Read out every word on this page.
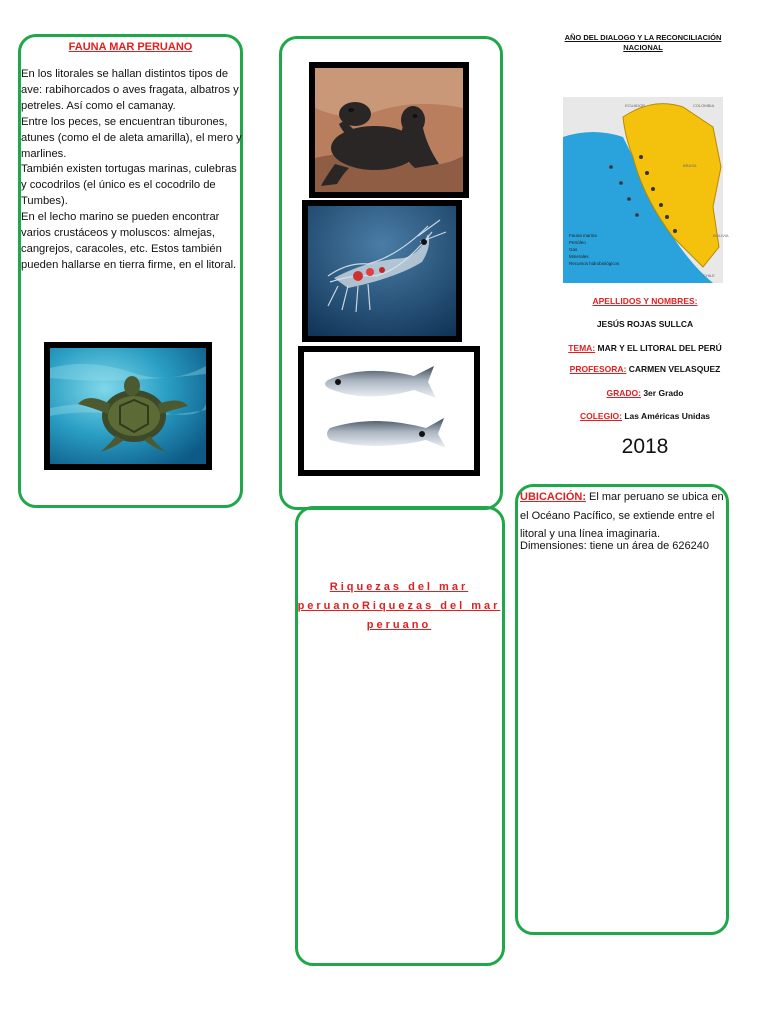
FAUNA MAR PERUANO

En los litorales se hallan distintos tipos de ave: rabihorcados o aves fragata, albatros y petreles. Así como el camanay.

Entre los peces, se encuentran tiburones, atunes (como el de aleta amarilla), el mero y marlines.

También existen tortugas marinas, culebras y cocodrilos (el único es el cocodrilo de Tumbes).

En el lecho marino se pueden encontrar varios crustáceos y moluscos: almejas, cangrejos, caracoles, etc. Estos también pueden hallarse en tierra firme, en el litoral.

AÑO DEL DIALOGO Y LA RECONCILIACIÓN NACIONAL
ECUADOR	COLOMBIA
BRASIL
BOLIVIA
CHILE
Fauna marina
Petróleo
Gas
Minerales
Recursos hidrobiológicos
APELLIDOS Y NOMBRES:
JESÚS ROJAS SULLCA
TEMA: MAR Y EL LITORAL DEL PERÚ
PROFESORA: CARMEN VELASQUEZ
GRADO: 3er Grado
COLEGIO: Las Américas Unidas
2018
Riquezas del mar peruanoRiquezas del mar peruano
UBICACIÓN: El mar peruano se ubica en el Océano Pacífico, se extiende entre el litoral y una línea imaginaria.
Dimensiones: tiene un área de 626240
